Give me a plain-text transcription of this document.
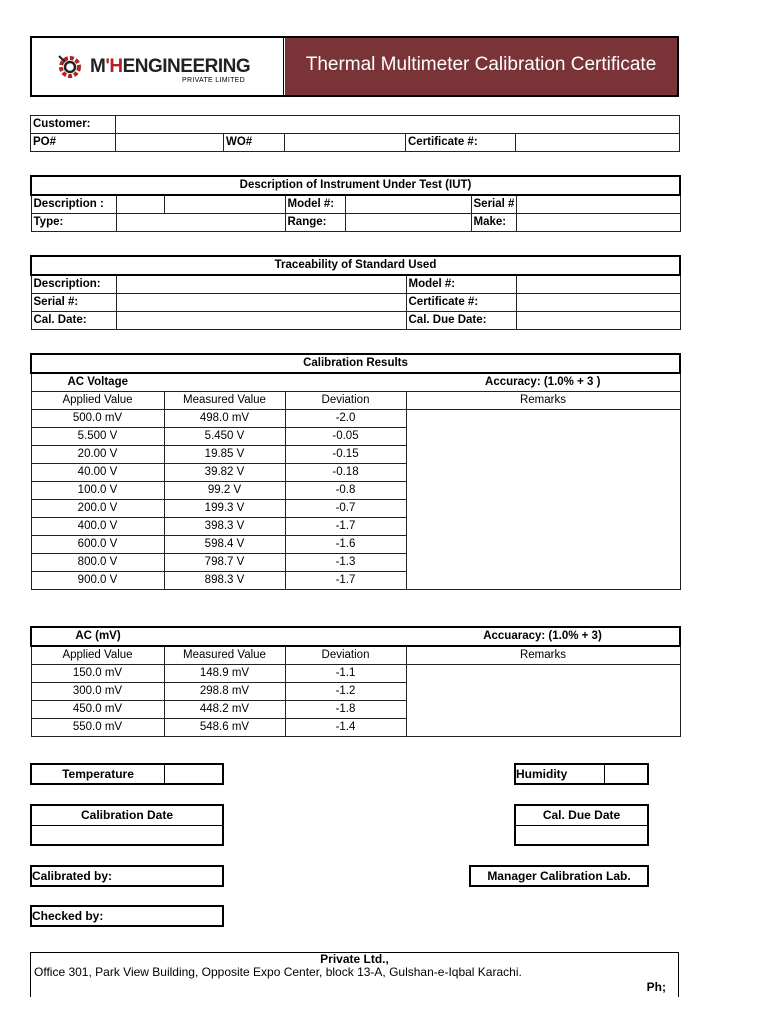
M'HENGINEERING
PRIVATE LIMITED
Thermal Multimeter Calibration Certificate
Customer:					
PO#		WO#		Certificate #:	
Description of Instrument Under Test (IUT)						
Description :			Model #:		Serial #	
Type:			Range:		Make:	
Traceability of Standard Used			
Description:		Model #:	
Serial #:		Certificate #:	
Cal. Date:		Cal. Due Date:	
Calibration Results			
AC Voltage			Accuracy: (1.0% + 3 )
Applied Value	Measured Value	Deviation	Remarks
500.0 mV	498.0 mV	-2.0	
5.500 V	5.450 V	-0.05	
20.00 V	19.85 V	-0.15	
40.00 V	39.82 V	-0.18	
100.0 V	99.2 V	-0.8	
200.0 V	199.3 V	-0.7	
400.0 V	398.3 V	-1.7	
600.0 V	598.4 V	-1.6	
800.0 V	798.7 V	-1.3	
900.0 V	898.3 V	-1.7	
AC (mV)			Accuaracy: (1.0% + 3)
Applied Value	Measured Value	Deviation	Remarks
150.0 mV	148.9 mV	-1.1	
300.0 mV	298.8 mV	-1.2	
450.0 mV	448.2 mV	-1.8	
550.0 mV	548.6 mV	-1.4	
Temperature	Humidity
Calibration Date	Cal. Due Date
Calibrated by:	Manager Calibration Lab.
Checked by:
Private Ltd.,
Office 301, Park View Building, Opposite Expo Center, block 13-A, Gulshan-e-Iqbal Karachi.
Ph;
